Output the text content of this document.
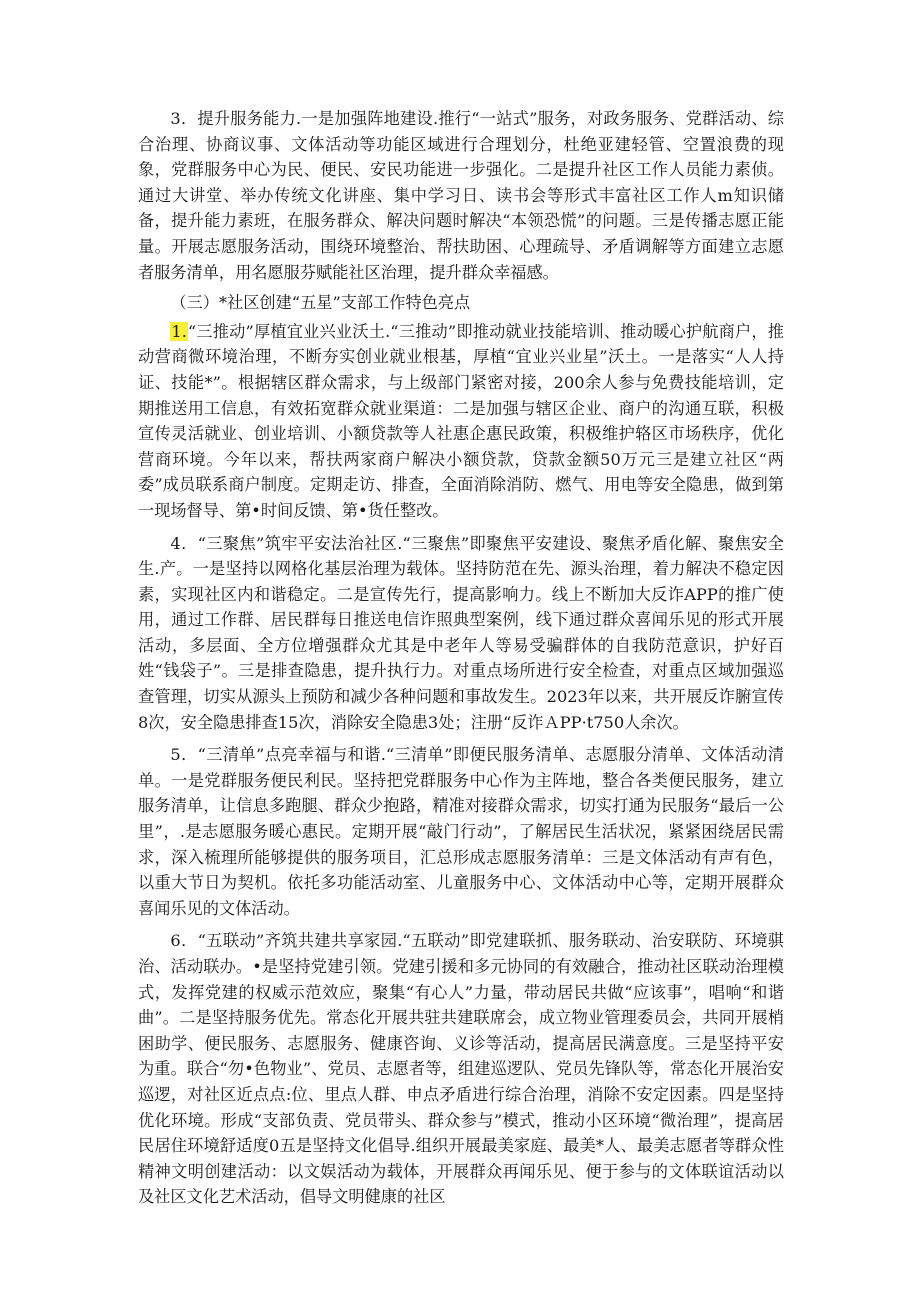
3．提升服务能力.一是加强阵地建设.推行“一站式”服务，对政务服务、党群活动、综合治理、协商议事、文体活动等功能区域进行合理划分，杜绝亚建轻管、空置浪费的现象，党群服务中心为民、便民、安民功能进一步强化。二是提升社区工作人员能力素侦。通过大讲堂、举办传统文化讲座、集中学习日、读书会等形式丰富社区工作人m知识储备，提升能力素班，在服务群众、解决问题时解决“本领恐慌”的问题。三是传播志愿正能量。开展志愿服务活动，围绕环境整治、帮扶助困、心理疏导、矛盾调解等方面建立志愿者服务清单，用名愿服芬赋能社区治理，提升群众幸福感。

（三）*社区创建“五星”支部工作特色亮点

1.“三推动”厚植宜业兴业沃土.“三推动”即推动就业技能培训、推动暖心护航商户，推动营商微环境治理，不断夯实创业就业根基，厚植“宜业兴业星”沃土。一是落实“人人持证、技能*”。根据辖区群众需求，与上级部门紧密对接，200余人参与免费技能培训，定期推送用工信息，有效拓宽群众就业渠道：二是加强与辖区企业、商户的沟通互联，积极宣传灵活就业、创业培训、小额贷款等人社惠企惠民政策，积极维护辂区市场秩序，优化营商环境。今年以来，帮扶两家商户解决小额贷款，贷款金额50万元三是建立社区“两委”成员联系商户制度。定期走访、排查，全面消除消防、燃气、用电等安全隐患，做到第一现场督导、第•时间反馈、第•货任整改。

4．“三聚焦”筑牢平安法治社区.“三聚焦”即聚焦平安建设、聚焦矛盾化解、聚焦安全生.产。一是坚持以网格化基层治理为载体。坚持防范在先、源头治理，着力解决不稳定因素，实现社区内和谐稳定。二是宣传先行，提高影响力。线上不断加大反诈APP的推广使用，通过工作群、居民群每日推送电信诈照典型案例，线下通过群众喜闻乐见的形式开展活动，多层面、全方位增强群众尤其是中老年人等易受骗群体的自我防范意识，护好百姓“钱袋子”。三是排查隐患，提升执行力。对重点场所进行安全检查，对重点区域加强巡查管理，切实从源头上预防和减少各种问题和事故发生。2023年以来，共开展反诈腑宣传8次，安全隐患排查15次，消除安全隐患3处；注册“反诈ＡPP·t750人余次。

5．“三清单”点亮幸福与和谐.“三清单”即便民服务清单、志愿服分清单、文体活动清单。一是党群服务便民利民。坚持把党群服务中心作为主阵地，整合各类便民服务，建立服务清单，让信息多跑腿、群众少抱路，精准对接群众需求，切实打通为民服务“最后一公里”，.是志愿服务暖心惠民。定期开展“敲门行动”，了解居民生活状况，紧紧困绕居民需求，深入梳理所能够提供的服务项目，汇总形成志愿服务清单：三是文体活动有声有色，以重大节日为契机。依托多功能活动室、儿童服务中心、文体活动中心等，定期开展群众喜闻乐见的文体活动。

6．“五联动”齐筑共建共享家园.“五联动”即党建联抓、服务联动、治安联防、环境骐治、活动联办。•是坚持党建引领。党建引援和多元协同的有效融合，推动社区联动治理模式，发挥党建的权威示范效应，聚集“有心人”力量，带动居民共做“应该事”，唱响“和谐曲”。二是坚持服务优先。常态化开展共驻共建联席会，成立物业管理委员会，共同开展梢困助学、便民服务、志愿服务、健康咨询、义诊等活动，提高居民满意度。三是坚持平安为重。联合“勿•色物业”、党员、志愿者等，组建巡逻队、党员先锋队等，常态化开展治安巡逻，对社区近点点:位、里点人群、申点矛盾进行综合治理，消除不安定因素。四是坚持优化环境。形成“支部负责、党员带头、群众参与”模式，推动小区环境“微治理”，提高居民居住环境舒适度0五是坚持文化倡导.组织开展最美家庭、最美*人、最美志愿者等群众性精神文明创建活动：以文娱活动为载体，开展群众再闻乐见、便于参与的文体联谊活动以及社区文化艺术活动，倡导文明健康的社区
